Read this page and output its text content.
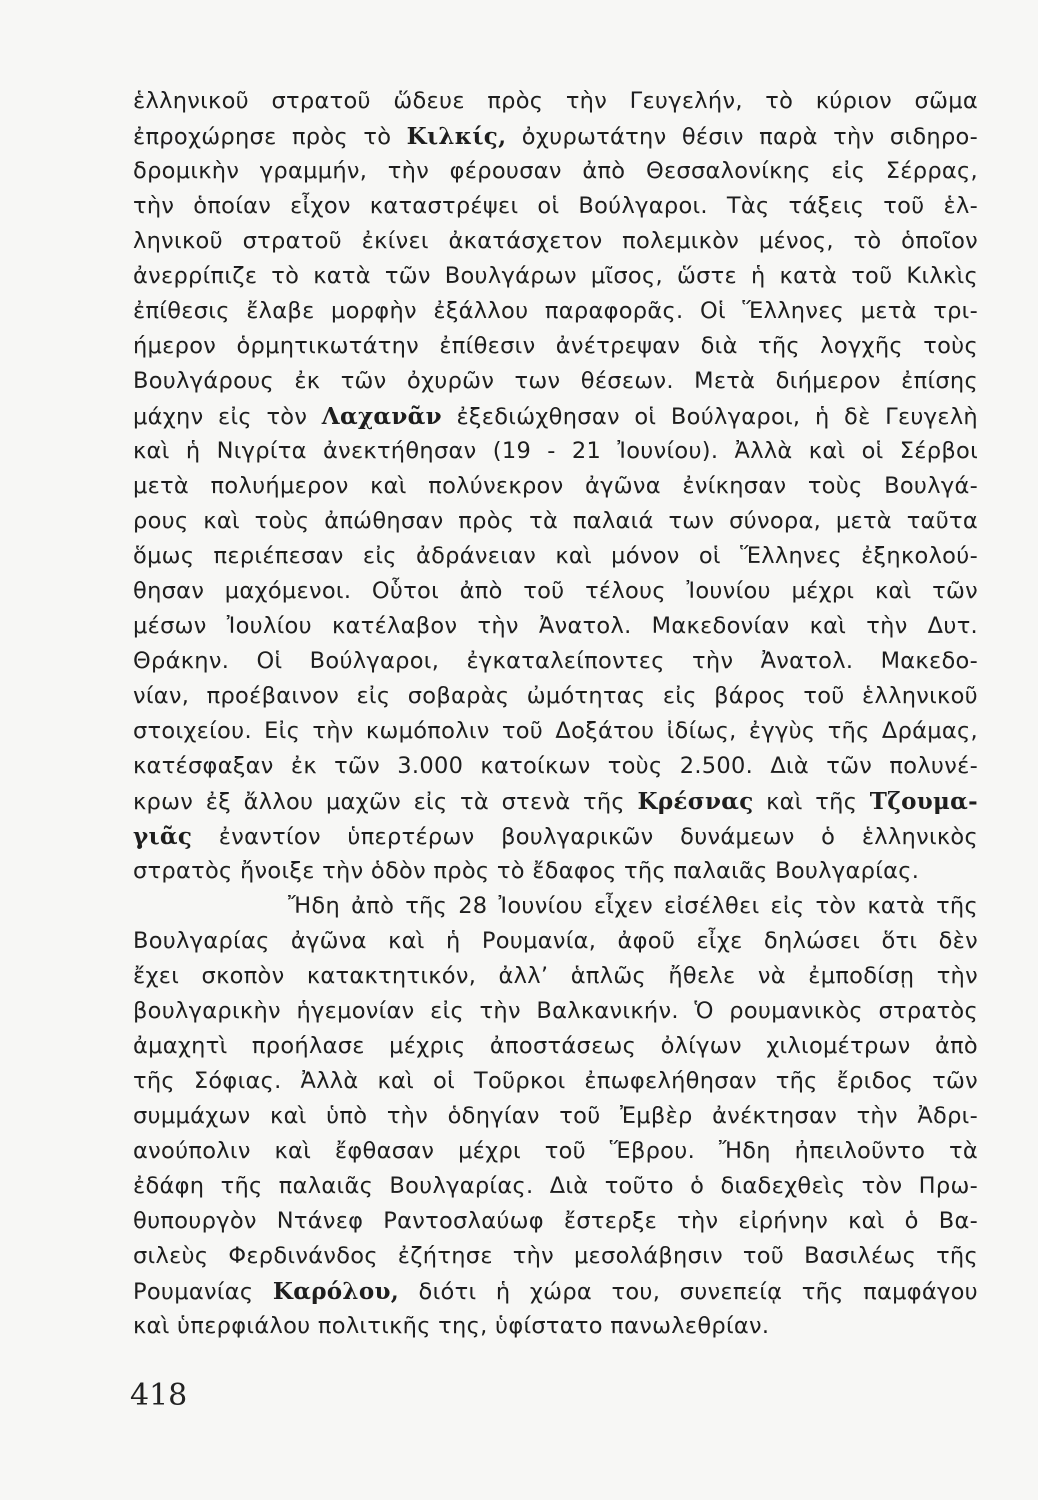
ἑλληνικοῦ στρατοῦ ὥδευε πρὸς τὴν Γευγελήν, τὸ κύριον σῶμα
ἐπροχώρησε πρὸς τὸ Κιλκίς, ὀχυρωτάτην θέσιν παρὰ τὴν σιδηρο-
δρομικὴν γραμμήν, τὴν φέρουσαν ἀπὸ Θεσσαλονίκης εἰς Σέρρας,
τὴν ὁποίαν εἶχον καταστρέψει οἱ Βούλγαροι. Τὰς τάξεις τοῦ ἑλ-
ληνικοῦ στρατοῦ ἐκίνει ἀκατάσχετον πολεμικὸν μένος, τὸ ὁποῖον
ἀνερρίπιζε τὸ κατὰ τῶν Βουλγάρων μῖσος, ὥστε ἡ κατὰ τοῦ Κιλκὶς
ἐπίθεσις ἔλαβε μορφὴν ἐξάλλου παραφορᾶς. Οἱ Ἕλληνες μετὰ τρι-
ήμερον ὁρμητικωτάτην ἐπίθεσιν ἀνέτρεψαν διὰ τῆς λογχῆς τοὺς
Βουλγάρους ἐκ τῶν ὀχυρῶν των θέσεων. Μετὰ διήμερον ἐπίσης
μάχην εἰς τὸν Λαχανᾶν ἐξεδιώχθησαν οἱ Βούλγαροι, ἡ δὲ Γευγελὴ
καὶ ἡ Νιγρίτα ἀνεκτήθησαν (19 - 21 Ἰουνίου). Ἀλλὰ καὶ οἱ Σέρβοι
μετὰ πολυήμερον καὶ πολύνεκρον ἀγῶνα ἐνίκησαν τοὺς Βουλγά-
ρους καὶ τοὺς ἀπώθησαν πρὸς τὰ παλαιά των σύνορα, μετὰ ταῦτα
ὅμως περιέπεσαν εἰς ἀδράνειαν καὶ μόνον οἱ Ἕλληνες ἐξηκολού-
θησαν μαχόμενοι. Οὗτοι ἀπὸ τοῦ τέλους Ἰουνίου μέχρι καὶ τῶν
μέσων Ἰουλίου κατέλαβον τὴν Ἀνατολ. Μακεδονίαν καὶ τὴν Δυτ.
Θράκην. Οἱ Βούλγαροι, ἐγκαταλείποντες τὴν Ἀνατολ. Μακεδο-
νίαν, προέβαινον εἰς σοβαρὰς ὠμότητας εἰς βάρος τοῦ ἑλληνικοῦ
στοιχείου. Εἰς τὴν κωμόπολιν τοῦ Δοξάτου ἰδίως, ἐγγὺς τῆς Δράμας,
κατέσφαξαν ἐκ τῶν 3.000 κατοίκων τοὺς 2.500. Διὰ τῶν πολυνέ-
κρων ἐξ ἄλλου μαχῶν εἰς τὰ στενὰ τῆς Κρέσνας καὶ τῆς Τζουμα-
γιᾶς ἐναντίον ὑπερτέρων βουλγαρικῶν δυνάμεων ὁ ἑλληνικὸς
στρατὸς ἤνοιξε τὴν ὁδὸν πρὸς τὸ ἔδαφος τῆς παλαιᾶς Βουλγαρίας.
Ἤδη ἀπὸ τῆς 28 Ἰουνίου εἶχεν εἰσέλθει εἰς τὸν κατὰ τῆς
Βουλγαρίας ἀγῶνα καὶ ἡ Ρουμανία, ἀφοῦ εἶχε δηλώσει ὅτι δὲν
ἔχει σκοπὸν κατακτητικόν, ἀλλ’ ἁπλῶς ἤθελε νὰ ἐμποδίσῃ τὴν
βουλγαρικὴν ἡγεμονίαν εἰς τὴν Βαλκανικήν. Ὁ ρουμανικὸς στρατὸς
ἀμαχητὶ προήλασε μέχρις ἀποστάσεως ὀλίγων χιλιομέτρων ἀπὸ
τῆς Σόφιας. Ἀλλὰ καὶ οἱ Τοῦρκοι ἐπωφελήθησαν τῆς ἔριδος τῶν
συμμάχων καὶ ὑπὸ τὴν ὁδηγίαν τοῦ Ἐμβὲρ ἀνέκτησαν τὴν Ἀδρι-
ανούπολιν καὶ ἔφθασαν μέχρι τοῦ Ἕβρου. Ἤδη ἠπειλοῦντο τὰ
ἐδάφη τῆς παλαιᾶς Βουλγαρίας. Διὰ τοῦτο ὁ διαδεχθεὶς τὸν Πρω-
θυπουργὸν Ντάνεφ Ραντοσλαύωφ ἔστερξε τὴν εἰρήνην καὶ ὁ Βα-
σιλεὺς Φερδινάνδος ἐζήτησε τὴν μεσολάβησιν τοῦ Βασιλέως τῆς
Ρουμανίας Καρόλου, διότι ἡ χώρα του, συνεπείᾳ τῆς παμφάγου
καὶ ὑπερφιάλου πολιτικῆς της, ὑφίστατο πανωλεθρίαν.
418
